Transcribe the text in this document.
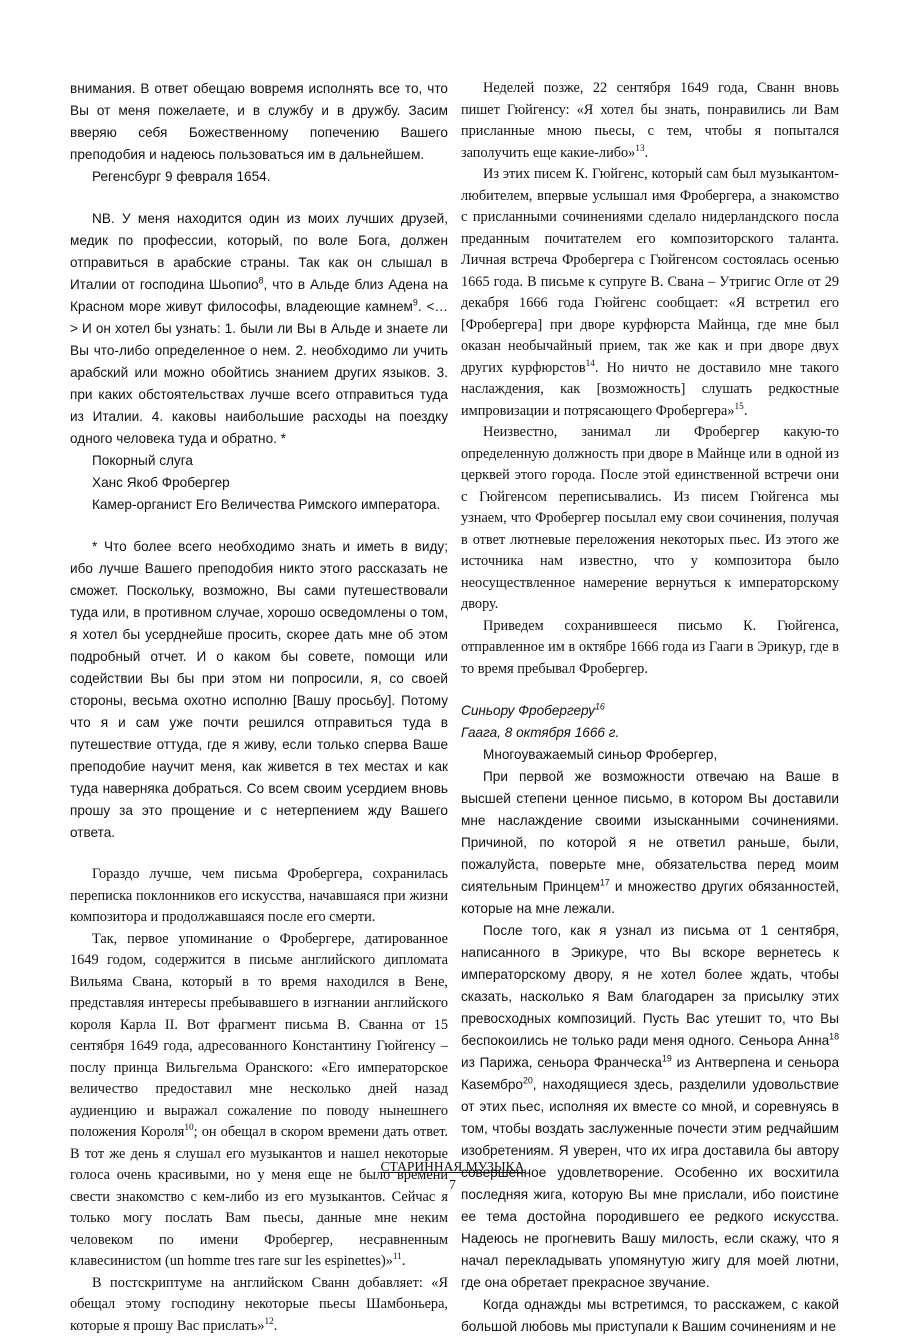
внимания. В ответ обещаю вовремя исполнять все то, что Вы от меня пожелаете, и в службу и в дружбу. Засим вверяю себя Божественному попечению Вашего преподобия и надеюсь пользоваться им в дальнейшем.

Регенсбург 9 февраля 1654.

NB. У меня находится один из моих лучших друзей, медик по профессии, который, по воле Бога, должен отправиться в арабские страны. Так как он слышал в Италии от господина Шьопио$^8$, что в Альде близ Адена на Красном море живут философы, владеющие камнем$^9$. <…> И он хотел бы узнать: 1. были ли Вы в Альде и знаете ли Вы что-либо определенное о нем. 2. необходимо ли учить арабский или можно обойтись знанием других языков. 3. при каких обстоятельствах лучше всего отправиться туда из Италии. 4. каковы наибольшие расходы на поездку одного человека туда и обратно. *

Покорный слуга

Ханс Якоб Фробергер

Камер-органист Его Величества Римского императора.

* Что более всего необходимо знать и иметь в виду; ибо лучше Вашего преподобия никто этого рассказать не сможет. Поскольку, возможно, Вы сами путешествовали туда или, в противном случае, хорошо осведомлены о том, я хотел бы усерднейше просить, скорее дать мне об этом подробный отчет. И о каком бы совете, помощи или содействии Вы бы при этом ни попросили, я, со своей стороны, весьма охотно исполню [Вашу просьбу]. Потому что я и сам уже почти решился отправиться туда в путешествие оттуда, где я живу, если только сперва Ваше преподобие научит меня, как живется в тех местах и как туда наверняка добраться. Со всем своим усердием вновь прошу за это прощение и с нетерпением жду Вашего ответа.

Гораздо лучше, чем письма Фробергера, сохранилась переписка поклонников его искусства, начавшаяся при жизни композитора и продолжавшаяся после его смерти.

Так, первое упоминание о Фробергере, датированное 1649 годом, содержится в письме английского дипломата Вильяма Свана, который в то время находился в Вене, представляя интересы пребывавшего в изгнании английского короля Карла II. Вот фрагмент письма В. Сванна от 15 сентября 1649 года, адресованного Константину Гюйгенсу – послу принца Вильгельма Оранского: «Его императорское величество предоставил мне несколько дней назад аудиенцию и выражал сожаление по поводу нынешнего положения Короля$^{10}$; он обещал в скором времени дать ответ. В тот же день я слушал его музыкантов и нашел некоторые голоса очень красивыми, но у меня еще не было времени свести знакомство с кем-либо из его музыкантов. Сейчас я только могу послать Вам пьесы, данные мне неким человеком по имени Фробергер, несравненным клавесинистом (un homme tres rare sur les espinettes)»$^{11}$.

В постскриптуме на английском Сванн добавляет: «Я обещал этому господину некоторые пьесы Шамбоньера, которые я прошу Вас прислать»$^{12}$.

Неделей позже, 22 сентября 1649 года, Сванн вновь пишет Гюйгенсу: «Я хотел бы знать, понравились ли Вам присланные мною пьесы, с тем, чтобы я попытался заполучить еще какие-либо»$^{13}$.

Из этих писем К. Гюйгенс, который сам был музыкантом-любителем, впервые услышал имя Фробергера, а знакомство с присланными сочинениями сделало нидерландского посла преданным почитателем его композиторского таланта. Личная встреча Фробергера с Гюйгенсом состоялась осенью 1665 года. В письме к супруге В. Свана – Утригис Огле от 29 декабря 1666 года Гюйгенс сообщает: «Я встретил его [Фробергера] при дворе курфюрста Майнца, где мне был оказан необычайный прием, так же как и при дворе двух других курфюрстов$^{14}$. Но ничто не доставило мне такого наслаждения, как [возможность] слушать редкостные импровизации и потрясающего Фробергера»$^{15}$.

Неизвестно, занимал ли Фробергер какую-то определенную должность при дворе в Майнце или в одной из церквей этого города. После этой единственной встречи они с Гюйгенсом переписывались. Из писем Гюйгенса мы узнаем, что Фробергер посылал ему свои сочинения, получая в ответ лютневые переложения некоторых пьес. Из этого же источника нам известно, что у композитора было неосуществленное намерение вернуться к императорскому двору.

Приведем сохранившееся письмо К. Гюйгенса, отправленное им в октябре 1666 года из Гааги в Эрикур, где в то время пребывал Фробергер.

Синьору Фробергеру$^{16}$

Гаага, 8 октября 1666 г.

Многоуважаемый синьор Фробергер,

При первой же возможности отвечаю на Ваше в высшей степени ценное письмо, в котором Вы доставили мне наслаждение своими изысканными сочинениями. Причиной, по которой я не ответил раньше, были, пожалуйста, поверьте мне, обязательства перед моим сиятельным Принцем$^{17}$ и множество других обязанностей, которые на мне лежали.

После того, как я узнал из письма от 1 сентября, написанного в Эрикуре, что Вы вскоре вернетесь к императорскому двору, я не хотел более ждать, чтобы сказать, насколько я Вам благодарен за присылку этих превосходных композиций. Пусть Вас утешит то, что Вы беспокоились не только ради меня одного. Сеньора Анна$^{18}$ из Парижа, сеньора Франческа$^{19}$ из Антверпена и сеньора Каѕембро$^{20}$, находящиеся здесь, разделили удовольствие от этих пьес, исполняя их вместе со мной, и соревнуясь в том, чтобы воздать заслуженные почести этим редчайшим изобретениям. Я уверен, что их игра доставила бы автору совершенное удовлетворение. Особенно их восхитила последняя жига, которую Вы мне прислали, ибо поистине ее тема достойна породившего ее редкого искусства. Надеюсь не прогневить Вашу милость, если скажу, что я начал перекладывать упомянутую жигу для моей лютни, где она обретает прекрасное звучание.

Когда однажды мы встретимся, то расскажем, с какой большой любовь мы приступали к Вашим сочинениям и не

СТАРИННАЯ МУЗЫКА
7
